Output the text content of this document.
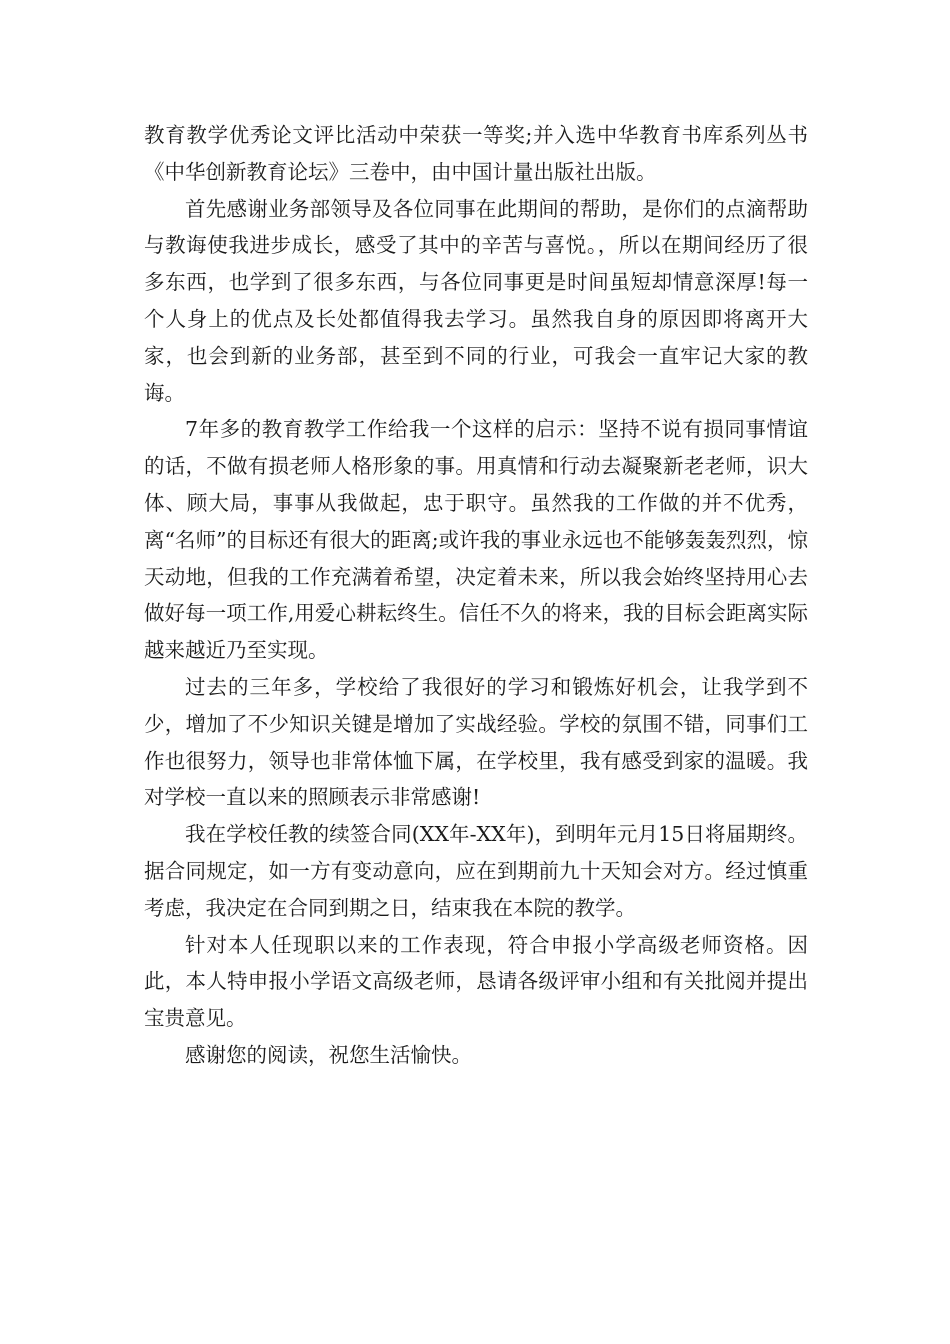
教育教学优秀论文评比活动中荣获一等奖;并入选中华教育书库系列丛书《中华创新教育论坛》三卷中，由中国计量出版社出版。

首先感谢业务部领导及各位同事在此期间的帮助，是你们的点滴帮助与教诲使我进步成长，感受了其中的辛苦与喜悦。，所以在期间经历了很多东西，也学到了很多东西，与各位同事更是时间虽短却情意深厚!每一个人身上的优点及长处都值得我去学习。虽然我自身的原因即将离开大家，也会到新的业务部，甚至到不同的行业，可我会一直牢记大家的教诲。

7年多的教育教学工作给我一个这样的启示：坚持不说有损同事情谊的话，不做有损老师人格形象的事。用真情和行动去凝聚新老老师，识大体、顾大局，事事从我做起，忠于职守。虽然我的工作做的并不优秀，离“名师”的目标还有很大的距离;或许我的事业永远也不能够轰轰烈烈，惊天动地，但我的工作充满着希望，决定着未来，所以我会始终坚持用心去做好每一项工作,用爱心耕耘终生。信任不久的将来，我的目标会距离实际越来越近乃至实现。

过去的三年多，学校给了我很好的学习和锻炼好机会，让我学到不少，增加了不少知识关键是增加了实战经验。学校的氛围不错，同事们工作也很努力，领导也非常体恤下属，在学校里，我有感受到家的温暖。我对学校一直以来的照顾表示非常感谢!

我在学校任教的续签合同(XX年-XX年)，到明年元月15日将届期终。据合同规定，如一方有变动意向，应在到期前九十天知会对方。经过慎重考虑，我决定在合同到期之日，结束我在本院的教学。

针对本人任现职以来的工作表现，符合申报小学高级老师资格。因此，本人特申报小学语文高级老师，恳请各级评审小组和有关批阅并提出宝贵意见。

感谢您的阅读，祝您生活愉快。
